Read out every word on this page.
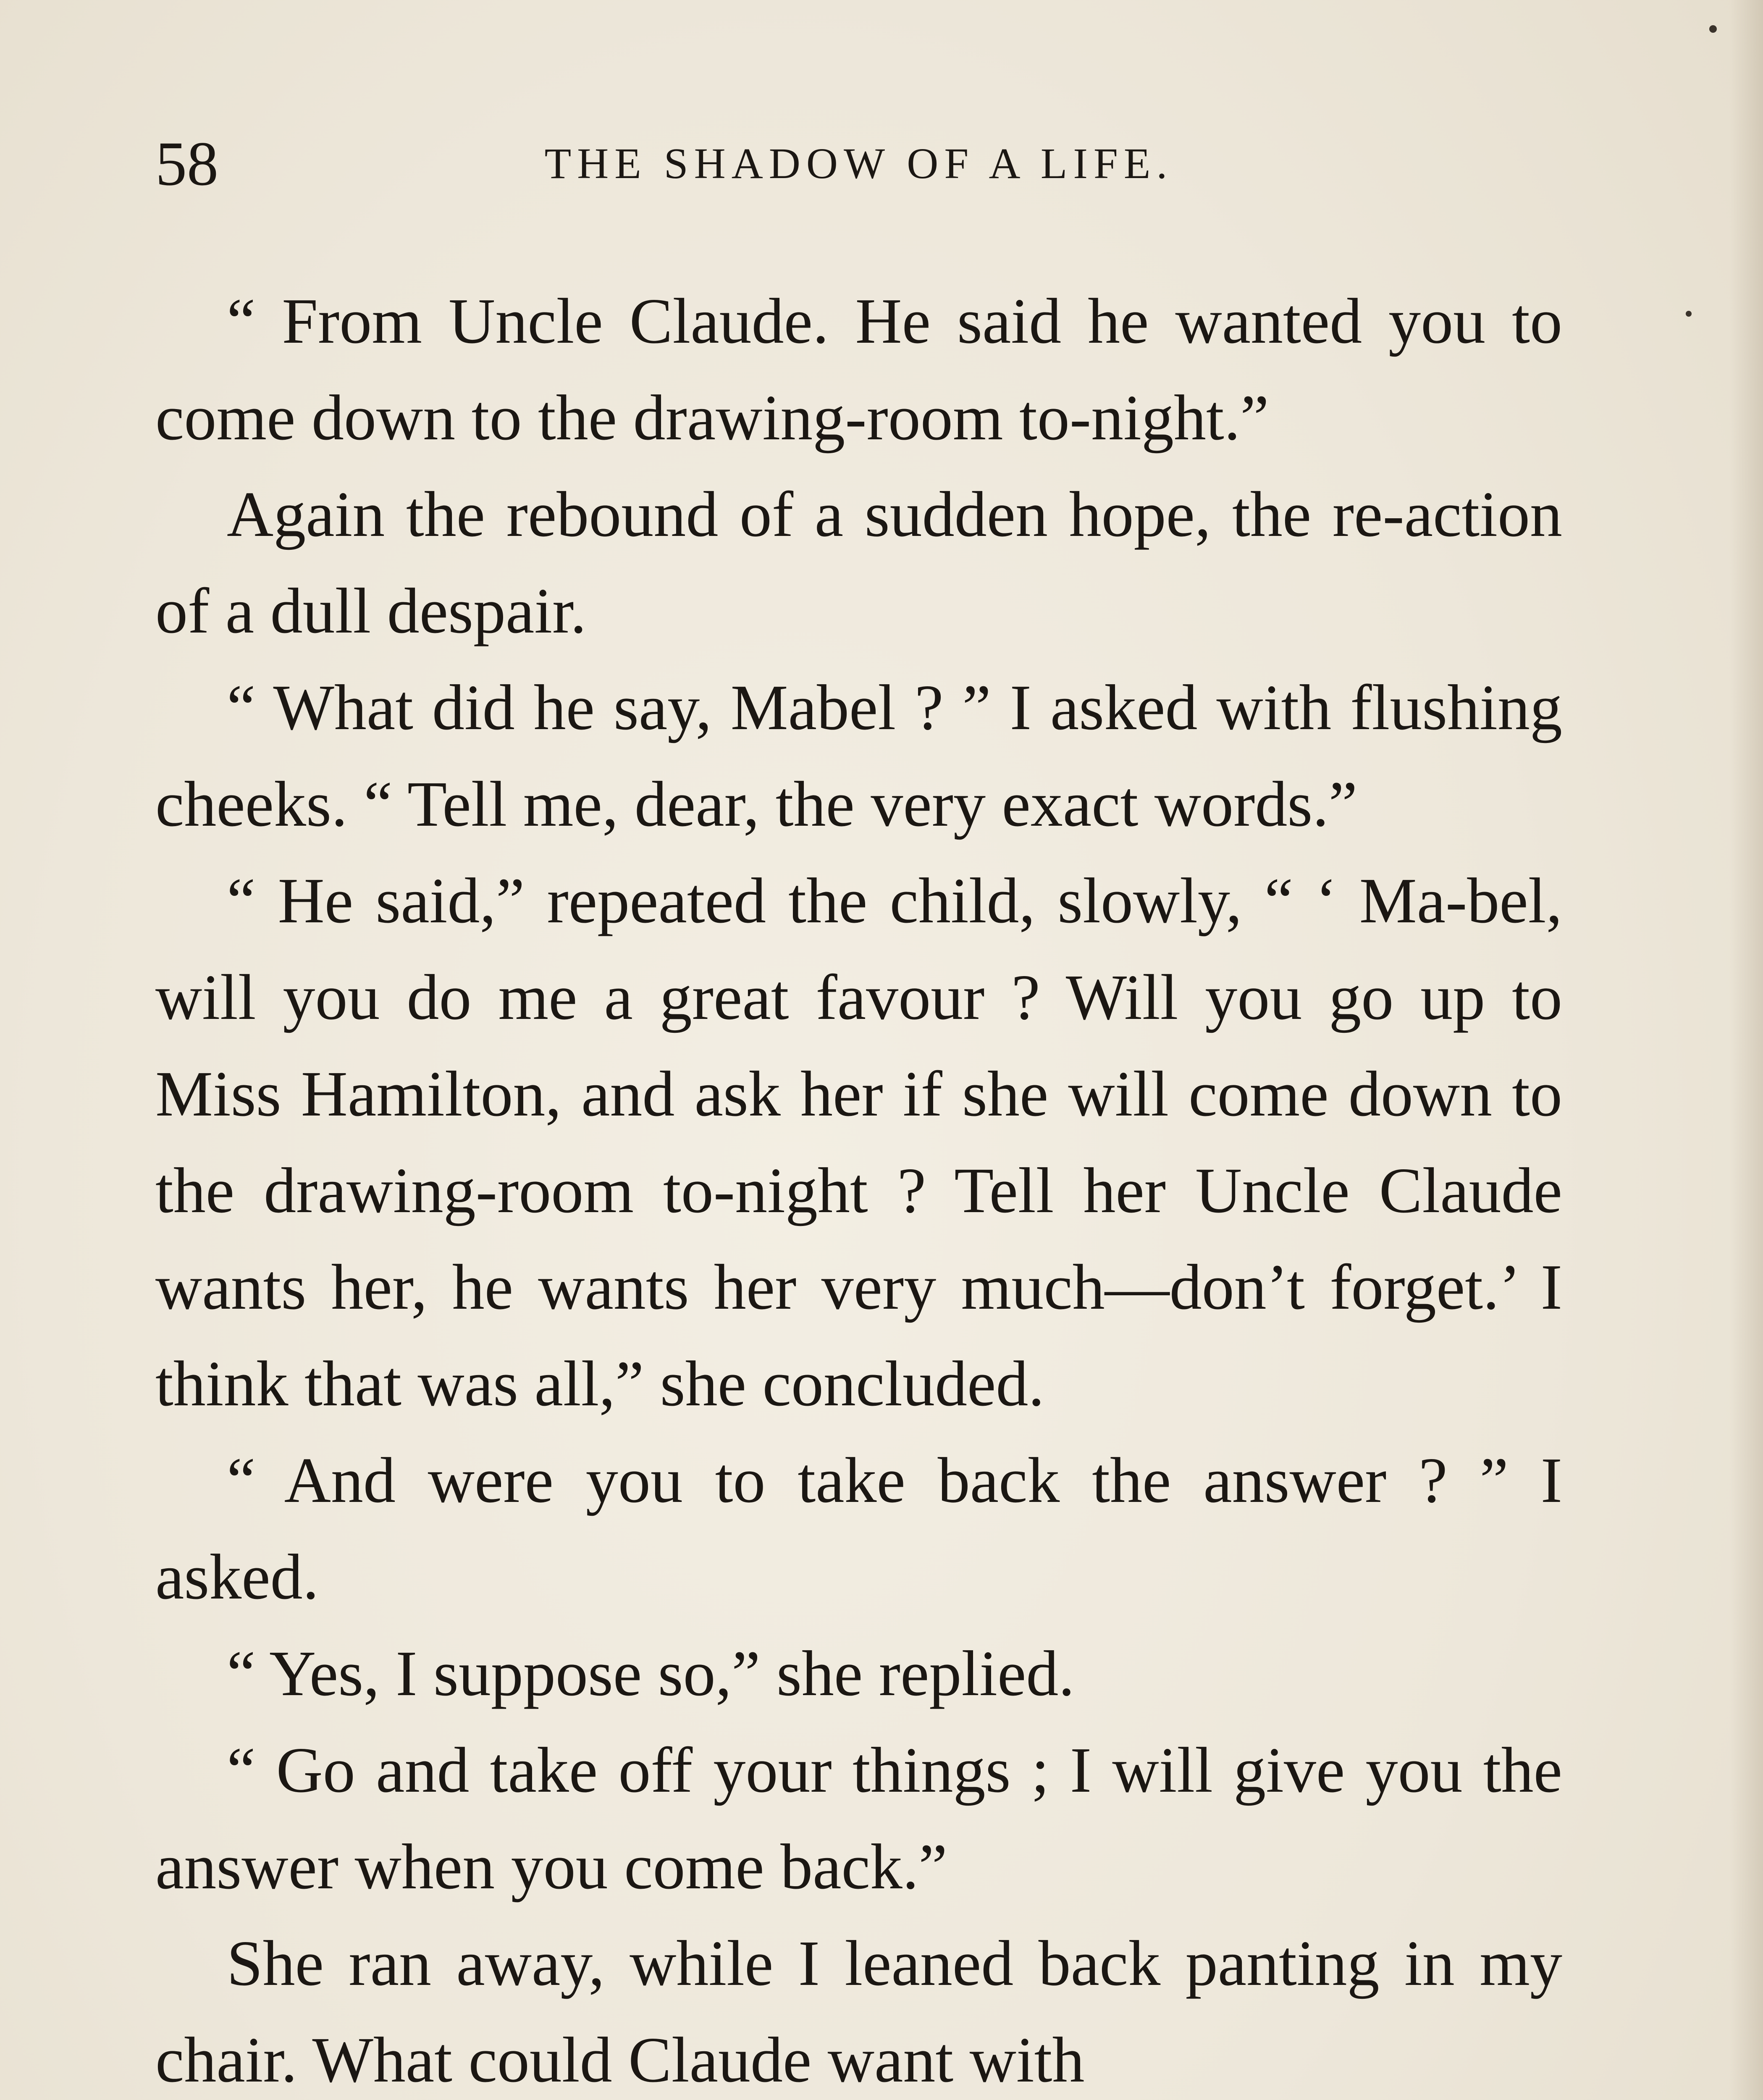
58	THE SHADOW OF A LIFE.

“ From Uncle Claude. He said he wanted you to come down to the drawing-room to-night.”

Again the rebound of a sudden hope, the re-action of a dull despair.

“ What did he say, Mabel ? ” I asked with flushing cheeks. “ Tell me, dear, the very exact words.”

“ He said,” repeated the child, slowly, “ ‘ Ma-bel, will you do me a great favour ? Will you go up to Miss Hamilton, and ask her if she will come down to the drawing-room to-night ? Tell her Uncle Claude wants her, he wants her very much—don’t forget.’ I think that was all,” she concluded.

“ And were you to take back the answer ? ” I asked.

“ Yes, I suppose so,” she replied.

“ Go and take off your things ; I will give you the answer when you come back.”

She ran away, while I leaned back panting in my chair. What could Claude want with
